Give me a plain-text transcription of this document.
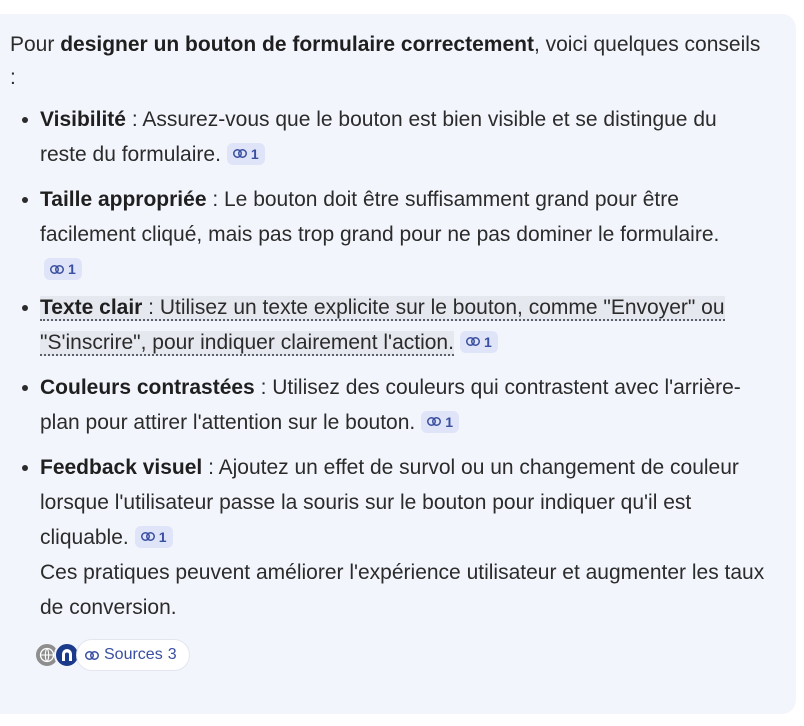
Pour designer un bouton de formulaire correctement, voici quelques conseils :

Visibilité : Assurez-vous que le bouton est bien visible et se distingue du reste du formulaire. 1
Taille appropriée : Le bouton doit être suffisamment grand pour être facilement cliqué, mais pas trop grand pour ne pas dominer le formulaire.
1
Texte clair : Utilisez un texte explicite sur le bouton, comme "Envoyer" ou "S'inscrire", pour indiquer clairement l'action. 1
Couleurs contrastées : Utilisez des couleurs qui contrastent avec l'arrière-plan pour attirer l'attention sur le bouton. 1
Feedback visuel : Ajoutez un effet de survol ou un changement de couleur lorsque l'utilisateur passe la souris sur le bouton pour indiquer qu'il est cliquable. 1

Ces pratiques peuvent améliorer l'expérience utilisateur et augmenter les taux de conversion.
Sources 3
